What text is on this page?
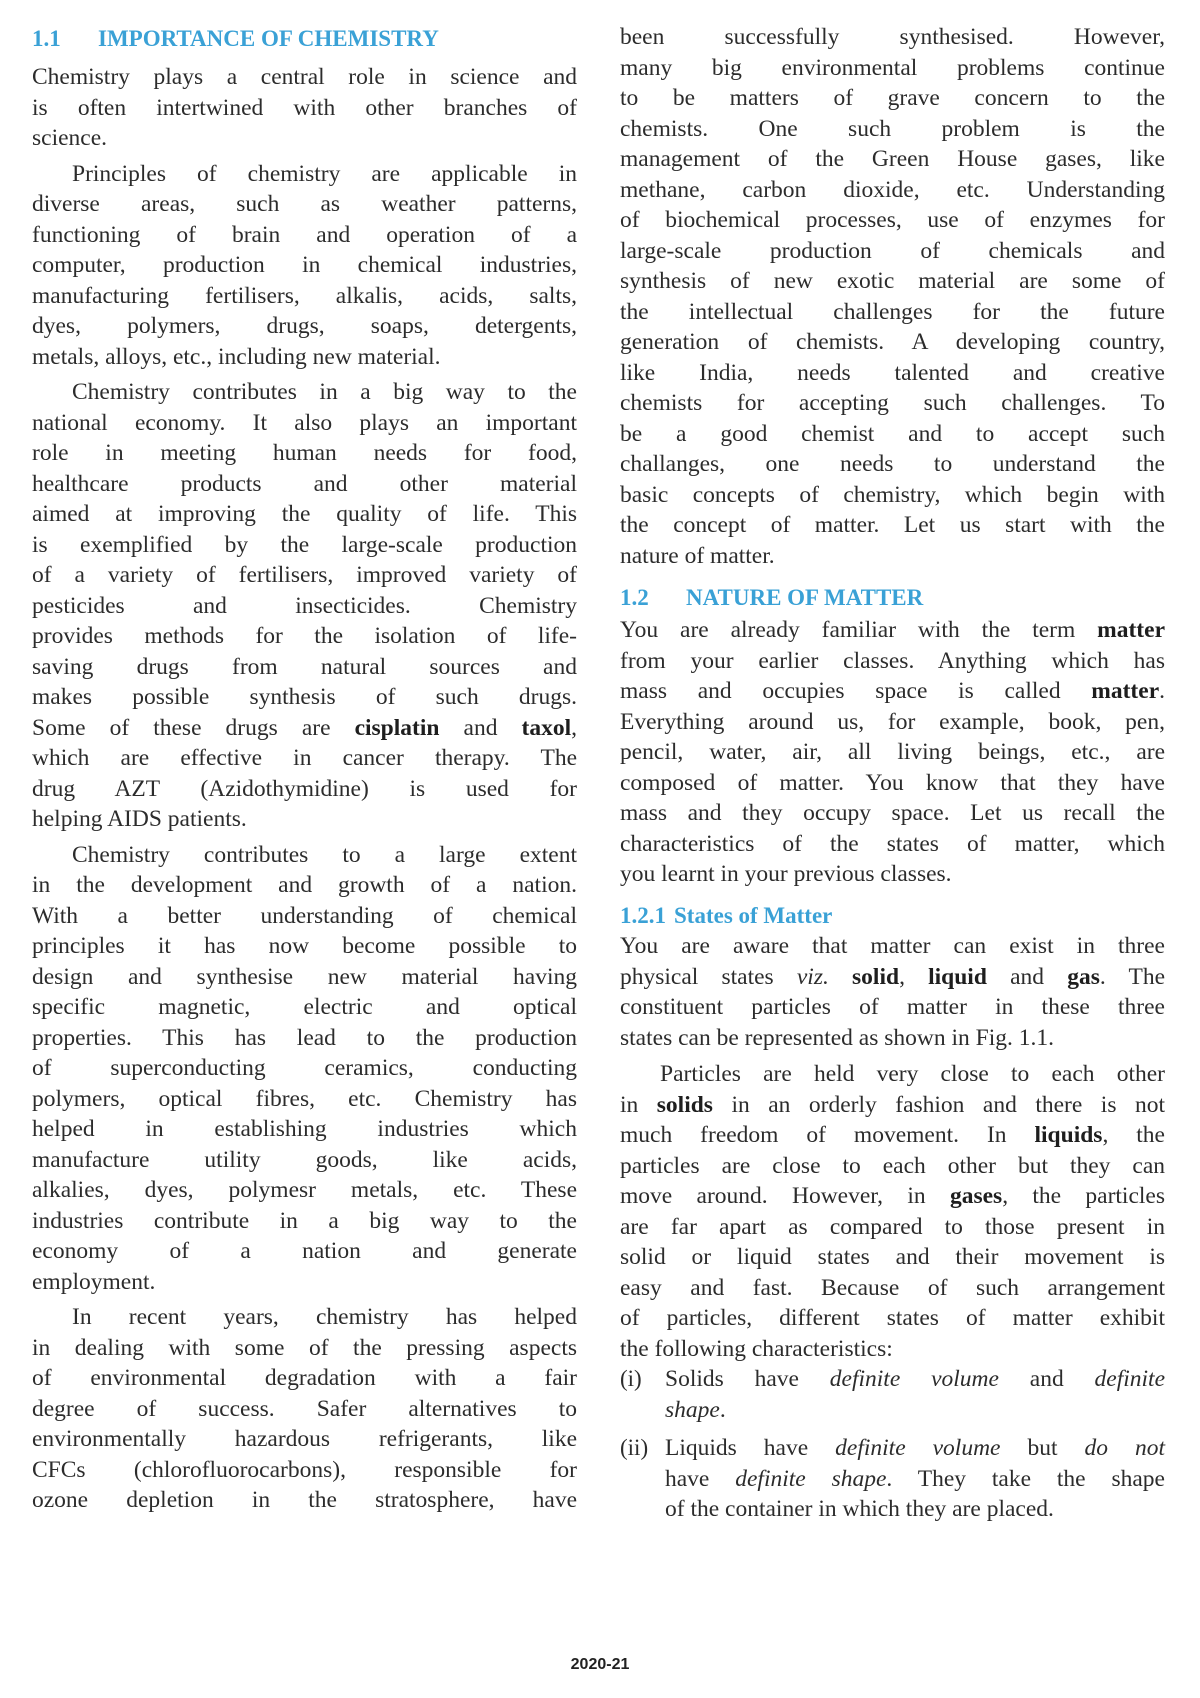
1.1 IMPORTANCE OF CHEMISTRY
Chemistry plays a central role in science and
is often intertwined with other branches of
science.
Principles of chemistry are applicable in
diverse areas, such as weather patterns,
functioning of brain and operation of a
computer, production in chemical industries,
manufacturing fertilisers, alkalis, acids, salts,
dyes, polymers, drugs, soaps, detergents,
metals, alloys, etc., including new material.
Chemistry contributes in a big way to the
national economy. It also plays an important
role in meeting human needs for food,
healthcare products and other material
aimed at improving the quality of life. This
is exemplified by the large-scale production
of a variety of fertilisers, improved variety of
pesticides and insecticides. Chemistry
provides methods for the isolation of life-
saving drugs from natural sources and
makes possible synthesis of such drugs.
Some of these drugs are cisplatin and taxol,
which are effective in cancer therapy. The
drug AZT (Azidothymidine) is used for
helping AIDS patients.
Chemistry contributes to a large extent
in the development and growth of a nation.
With a better understanding of chemical
principles it has now become possible to
design and synthesise new material having
specific magnetic, electric and optical
properties. This has lead to the production
of superconducting ceramics, conducting
polymers, optical fibres, etc. Chemistry has
helped in establishing industries which
manufacture utility goods, like acids,
alkalies, dyes, polymesr metals, etc. These
industries contribute in a big way to the
economy of a nation and generate
employment.
In recent years, chemistry has helped
in dealing with some of the pressing aspects
of environmental degradation with a fair
degree of success. Safer alternatives to
environmentally hazardous refrigerants, like
CFCs (chlorofluorocarbons), responsible for
ozone depletion in the stratosphere, have
been successfully synthesised. However,
many big environmental problems continue
to be matters of grave concern to the
chemists. One such problem is the
management of the Green House gases, like
methane, carbon dioxide, etc. Understanding
of biochemical processes, use of enzymes for
large-scale production of chemicals and
synthesis of new exotic material are some of
the intellectual challenges for the future
generation of chemists. A developing country,
like India, needs talented and creative
chemists for accepting such challenges. To
be a good chemist and to accept such
challanges, one needs to understand the
basic concepts of chemistry, which begin with
the concept of matter. Let us start with the
nature of matter.
1.2 NATURE OF MATTER
You are already familiar with the term matter
from your earlier classes. Anything which has
mass and occupies space is called matter.
Everything around us, for example, book, pen,
pencil, water, air, all living beings, etc., are
composed of matter. You know that they have
mass and they occupy space. Let us recall the
characteristics of the states of matter, which
you learnt in your previous classes.
1.2.1 States of Matter
You are aware that matter can exist in three
physical states viz. solid, liquid and gas. The
constituent particles of matter in these three
states can be represented as shown in Fig. 1.1.
Particles are held very close to each other
in solids in an orderly fashion and there is not
much freedom of movement. In liquids, the
particles are close to each other but they can
move around. However, in gases, the particles
are far apart as compared to those present in
solid or liquid states and their movement is
easy and fast. Because of such arrangement
of particles, different states of matter exhibit
the following characteristics:
(i) Solids have definite volume and definite
shape.
(ii) Liquids have definite volume but do not
have definite shape. They take the shape
of the container in which they are placed.
2020-21
